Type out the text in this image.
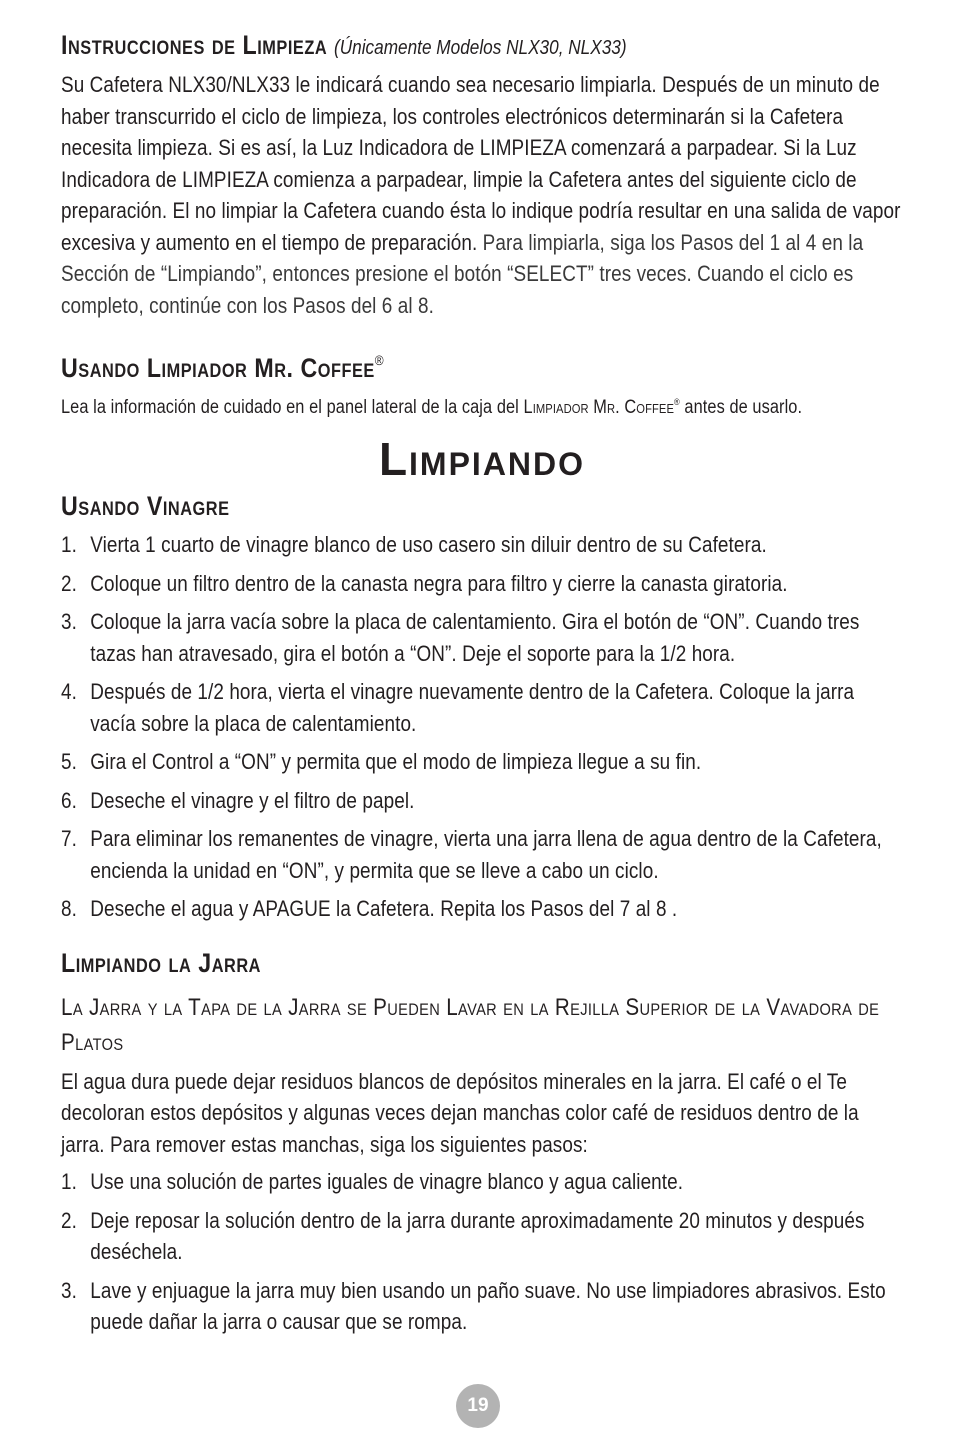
Instrucciones de Limpieza (Únicamente Modelos NLX30, NLX33)
Su Cafetera NLX30/NLX33 le indicará cuando sea necesario limpiarla. Después de un minuto de haber transcurrido el ciclo de limpieza, los controles electrónicos determinarán si la Cafetera necesita limpieza. Si es así, la Luz Indicadora de LIMPIEZA comenzará a parpadear. Si la Luz Indicadora de LIMPIEZA comienza a parpadear, limpie la Cafetera antes del siguiente ciclo de preparación. El no limpiar la Cafetera cuando ésta lo indique podría resultar en una salida de vapor excesiva y aumento en el tiempo de preparación. Para limpiarla, siga los Pasos del 1 al 4 en la Sección de “Limpiando”, entonces presione el botón “SELECT” tres veces. Cuando el ciclo es completo, continúe con los Pasos del 6 al 8.
Usando Limpiador Mr. Coffee®
Lea la información de cuidado en el panel lateral de la caja del Limpiador Mr. Coffee® antes de usarlo.
Limpiando
Usando Vinagre
1. Vierta 1 cuarto de vinagre blanco de uso casero sin diluir dentro de su Cafetera.
2. Coloque un filtro dentro de la canasta negra para filtro y cierre la canasta giratoria.
3. Coloque la jarra vacía sobre la placa de calentamiento. Gira el botón de “ON”. Cuando tres tazas han atravesado, gira el botón a “ON”. Deje el soporte para la 1/2 hora.
4. Después de 1/2 hora, vierta el vinagre nuevamente dentro de la Cafetera. Coloque la jarra vacía sobre la placa de calentamiento.
5. Gira el Control a “ON” y permita que el modo de limpieza llegue a su fin.
6. Deseche el vinagre y el filtro de papel.
7. Para eliminar los remanentes de vinagre, vierta una jarra llena de agua dentro de la Cafetera, encienda la unidad en “ON”, y permita que se lleve a cabo un ciclo.
8. Deseche el agua y APAGUE la Cafetera. Repita los Pasos del 7 al 8 .
Limpiando la Jarra
La Jarra y la Tapa de la Jarra se Pueden Lavar en la Rejilla Superior de la Vavadora de Platos
El agua dura puede dejar residuos blancos de depósitos minerales en la jarra. El café o el Te decoloran estos depósitos y algunas veces dejan manchas color café de residuos dentro de la jarra. Para remover estas manchas, siga los siguientes pasos:
1. Use una solución de partes iguales de vinagre blanco y agua caliente.
2. Deje reposar la solución dentro de la jarra durante aproximadamente 20 minutos y después deséchela.
3. Lave y enjuague la jarra muy bien usando un paño suave. No use limpiadores abrasivos. Esto puede dañar la jarra o causar que se rompa.
19
